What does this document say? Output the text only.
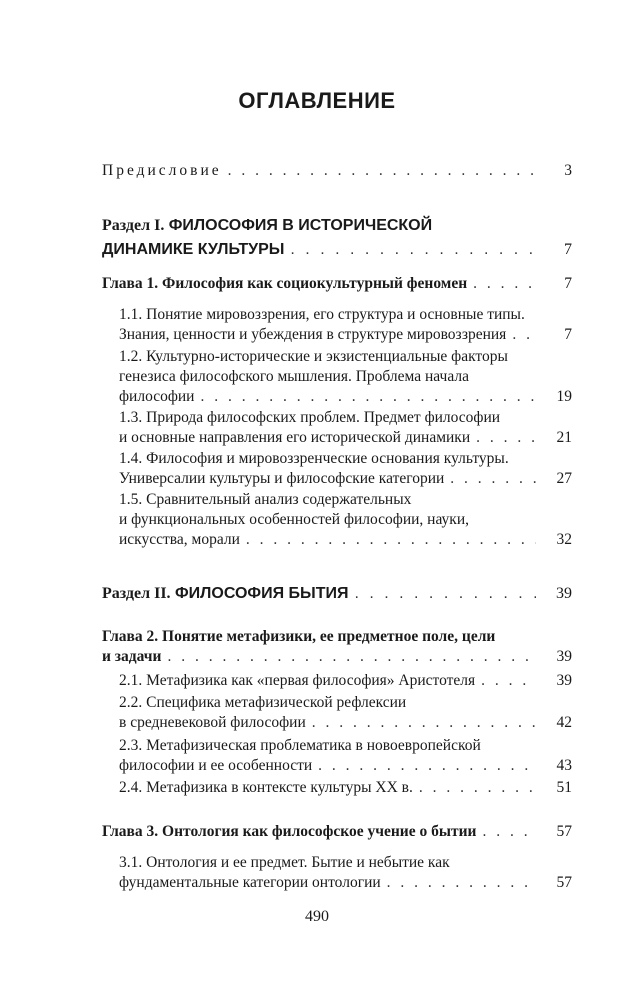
ОГЛАВЛЕНИЕ
Предисловие . . .	3
Раздел I. ФИЛОСОФИЯ В ИСТОРИЧЕСКОЙ
ДИНАМИКЕ КУЛЬТУРЫ . . .	7
Глава 1. Философия как социокультурный феномен . . .	7
1.1. Понятие мировоззрения, его структура и основные типы.
Знания, ценности и убеждения в структуре мировоззрения . . .	7
1.2. Культурно-исторические и экзистенциальные факторы
генезиса философского мышления. Проблема начала
философии . . .	19
1.3. Природа философских проблем. Предмет философии
и основные направления его исторической динамики . . .	21
1.4. Философия и мировоззренческие основания культуры.
Универсалии культуры и философские категории . . .	27
1.5. Сравнительный анализ содержательных
и функциональных особенностей философии, науки,
искусства, морали . . .	32
Раздел II. ФИЛОСОФИЯ БЫТИЯ . . .	39
Глава 2. Понятие метафизики, ее предметное поле, цели
и задачи . . .	39
2.1. Метафизика как «первая философия» Аристотеля . . .	39
2.2. Специфика метафизической рефлексии
в средневековой философии . . .	42
2.3. Метафизическая проблематика в новоевропейской
философии и ее особенности . . .	43
2.4. Метафизика в контексте культуры XX в. . . .	51
Глава 3. Онтология как философское учение о бытии . . .	57
3.1. Онтология и ее предмет. Бытие и небытие как
фундаментальные категории онтологии . . .	57
490
